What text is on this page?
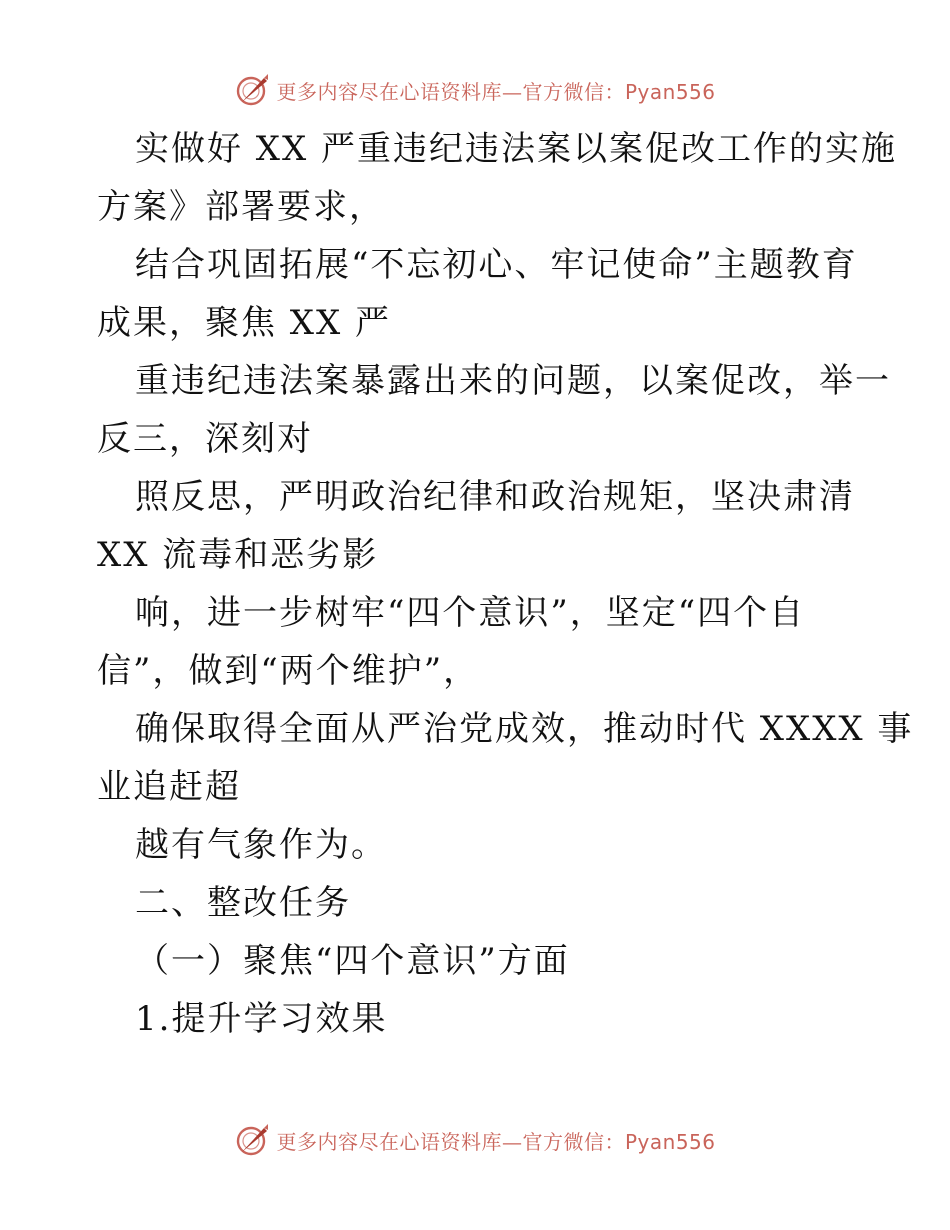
更多内容尽在心语资料库—官方微信：Pyan556

实做好 XX 严重违纪违法案以案促改工作的实施

方案》部署要求，

结合巩固拓展“不忘初心、牢记使命”主题教育

成果，聚焦 XX 严

重违纪违法案暴露出来的问题，以案促改，举一

反三，深刻对

照反思，严明政治纪律和政治规矩，坚决肃清

XX 流毒和恶劣影

响，进一步树牢“四个意识”，坚定“四个自

信”，做到“两个维护”，

确保取得全面从严治党成效，推动时代 XXXX 事

业追赶超

越有气象作为。

二、整改任务

（一）聚焦“四个意识”方面

1.提升学习效果

更多内容尽在心语资料库—官方微信：Pyan556
